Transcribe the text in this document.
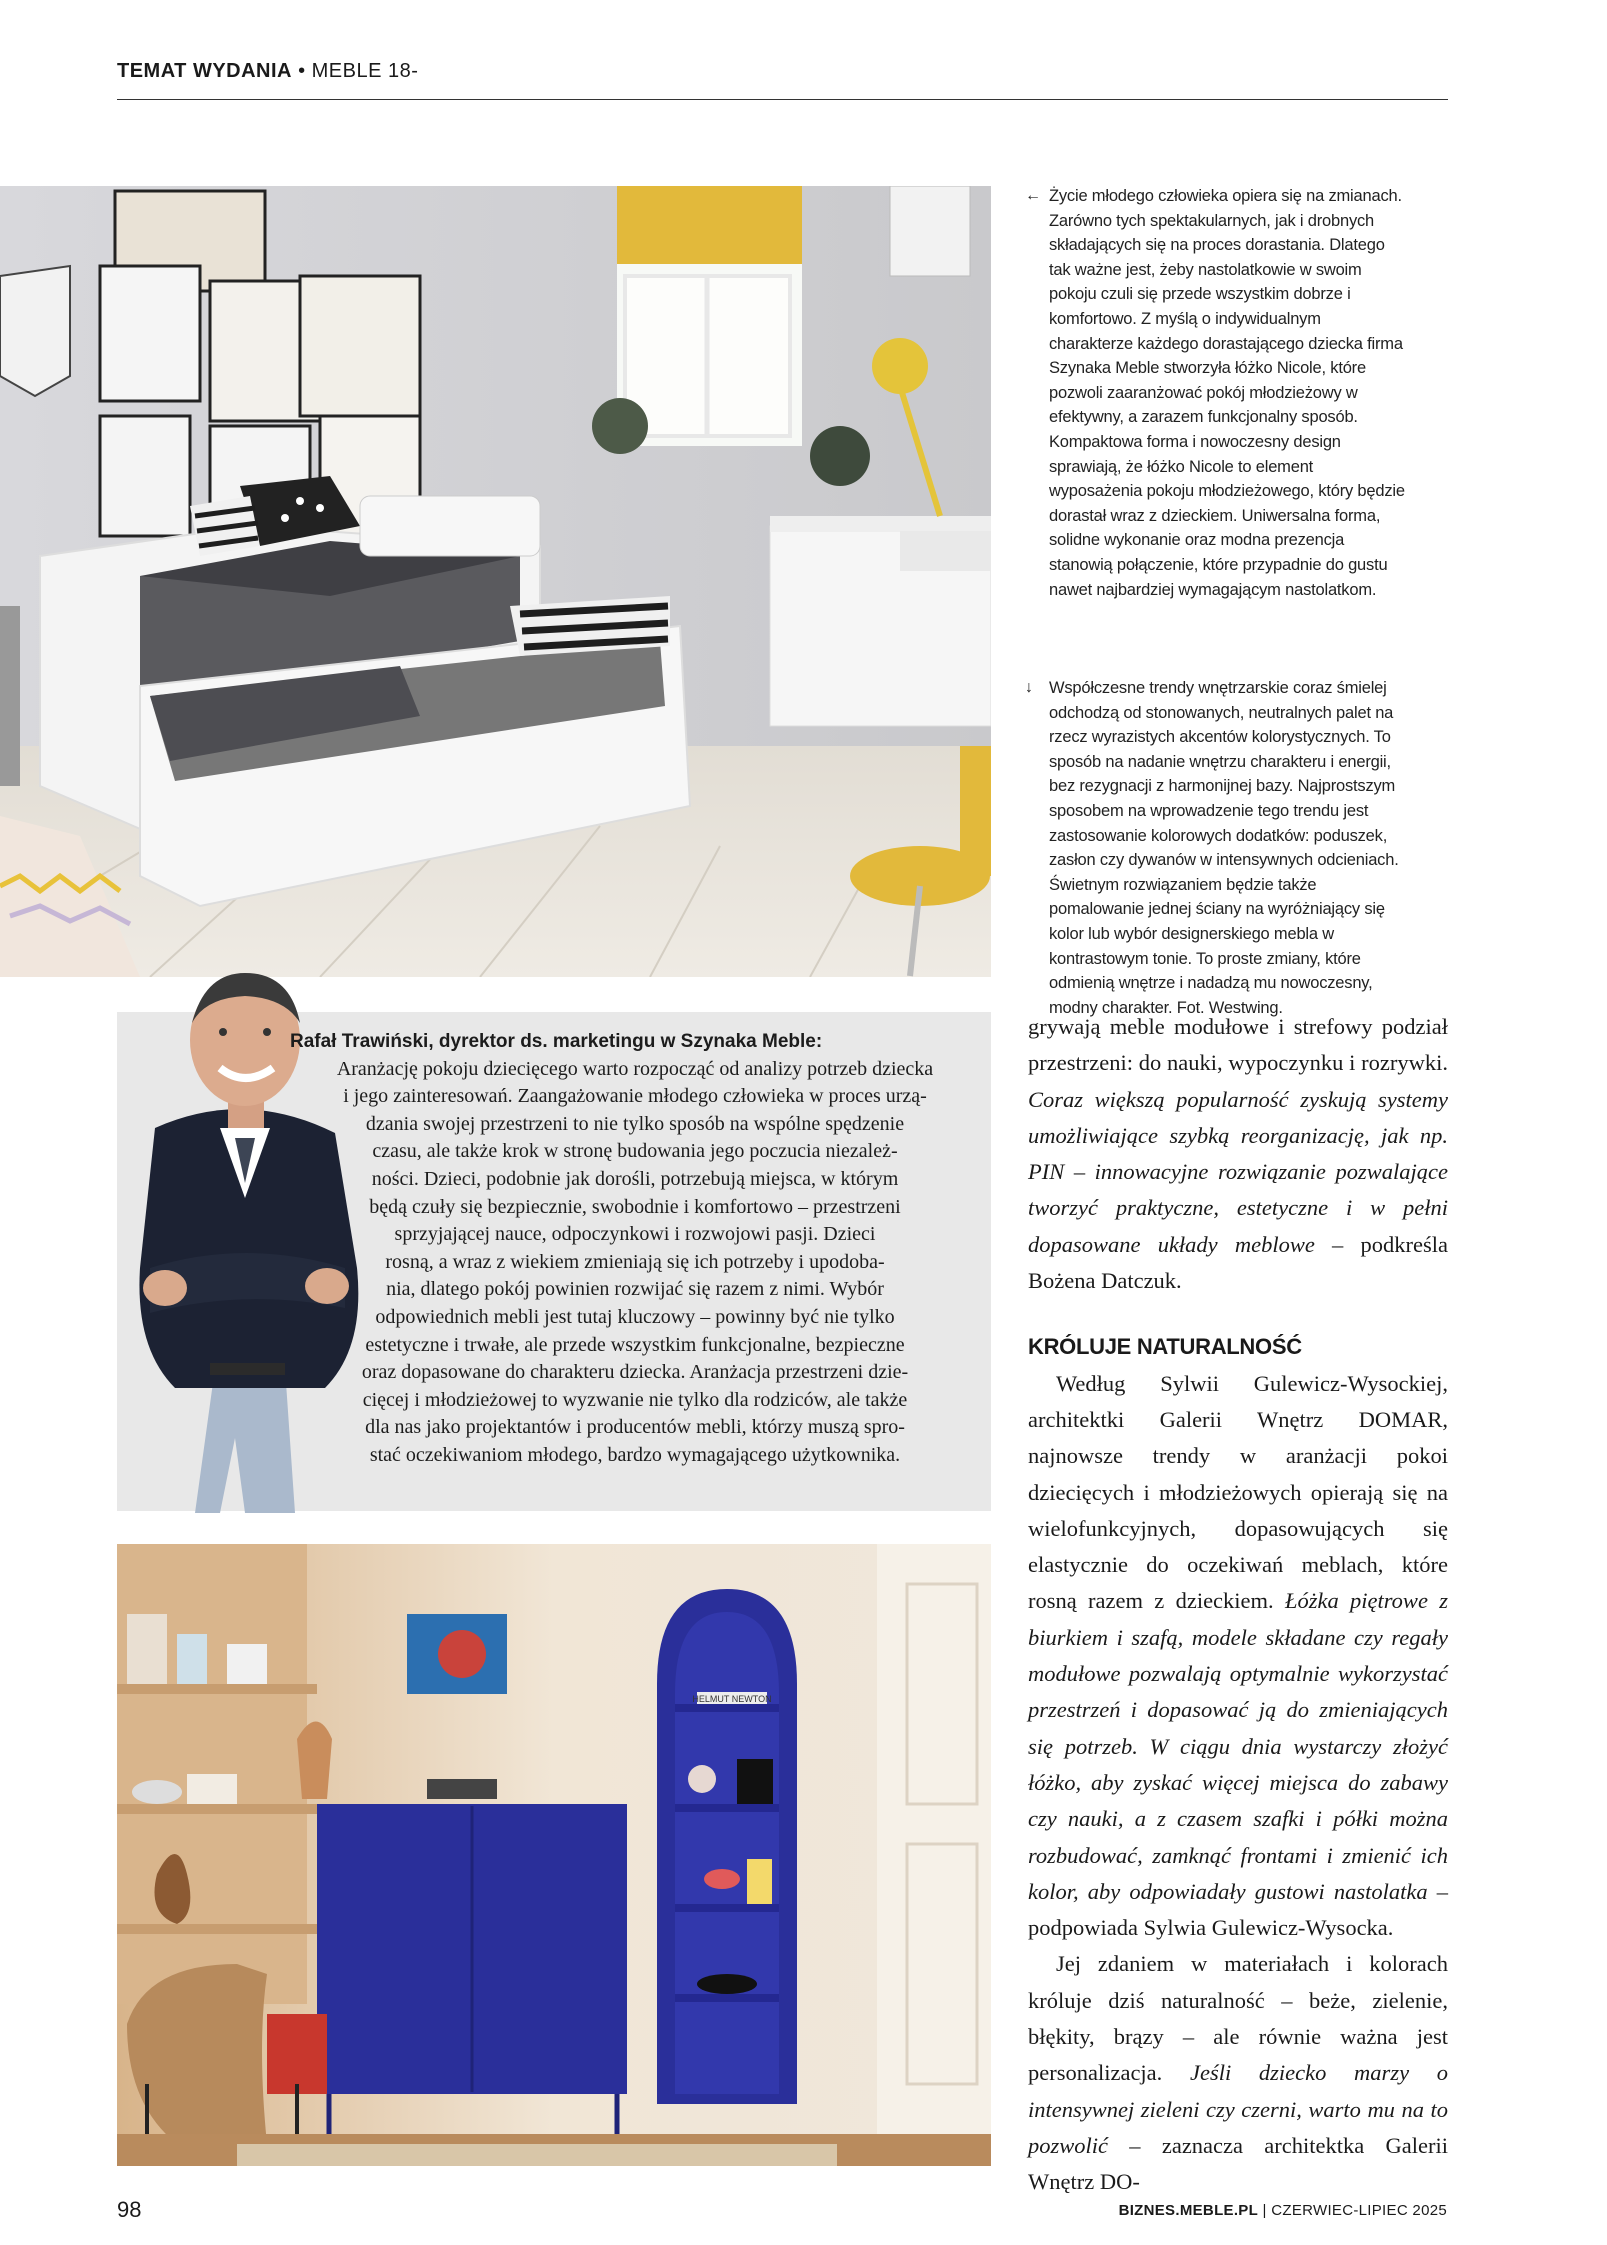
TEMAT WYDANIA • MEBLE 18-
← Życie młodego człowieka opiera się na zmianach. Zarówno tych spektakularnych, jak i drobnych składających się na proces dorastania. Dlatego tak ważne jest, żeby nastolatkowie w swoim pokoju czuli się przede wszystkim dobrze i komfortowo. Z myślą o indywidualnym charakterze każdego dorastającego dziecka firma Szynaka Meble stworzyła łóżko Nicole, które pozwoli zaaranżować pokój młodzieżowy w efektywny, a zarazem funkcjonalny sposób. Kompaktowa forma i nowoczesny design sprawiają, że łóżko Nicole to element wyposażenia pokoju młodzieżowego, który będzie dorastał wraz z dzieckiem. Uniwersalna forma, solidne wykonanie oraz modna prezencja stanowią połączenie, które przypadnie do gustu nawet najbardziej wymagającym nastolatkom.
↓ Współczesne trendy wnętrzarskie coraz śmielej odchodzą od stonowanych, neutralnych palet na rzecz wyrazistych akcentów kolorystycznych. To sposób na nadanie wnętrzu charakteru i energii, bez rezygnacji z harmonijnej bazy. Najprostszym sposobem na wprowadzenie tego trendu jest zastosowanie kolorowych dodatków: poduszek, zasłon czy dywanów w intensywnych odcieniach. Świetnym rozwiązaniem będzie także pomalowanie jednej ściany na wyróżniający się kolor lub wybór designerskiego mebla w kontrastowym tonie. To proste zmiany, które odmienią wnętrze i nadadzą mu nowoczesny, modny charakter. Fot. Westwing.
Rafał Trawiński, dyrektor ds. marketingu w Szynaka Meble:
Aranżację pokoju dziecięcego warto rozpocząć od analizy potrzeb dziecka
i jego zainteresowań. Zaangażowanie młodego człowieka w proces urzą-
dzania swojej przestrzeni to nie tylko sposób na wspólne spędzenie
czasu, ale także krok w stronę budowania jego poczucia niezależ-
ności. Dzieci, podobnie jak dorośli, potrzebują miejsca, w którym
będą czuły się bezpiecznie, swobodnie i komfortowo – przestrzeni
sprzyjającej nauce, odpoczynkowi i rozwojowi pasji. Dzieci
rosną, a wraz z wiekiem zmieniają się ich potrzeby i upodoba-
nia, dlatego pokój powinien rozwijać się razem z nimi. Wybór
odpowiednich mebli jest tutaj kluczowy – powinny być nie tylko
estetyczne i trwałe, ale przede wszystkim funkcjonalne, bezpieczne
oraz dopasowane do charakteru dziecka. Aranżacja przestrzeni dzie-
cięcej i młodzieżowej to wyzwanie nie tylko dla rodziców, ale także
dla nas jako projektantów i producentów mebli, którzy muszą spro-
stać oczekiwaniom młodego, bardzo wymagającego użytkownika.
HELMUT NEWTON

grywają meble modułowe i strefowy podział przestrzeni: do nauki, wypoczynku i rozrywki. Coraz większą popularność zyskują systemy umożliwiające szybką reorganizację, jak np. PIN – innowacyjne rozwiązanie pozwalające tworzyć praktyczne, estetyczne i w pełni dopasowane układy meblowe – podkreśla Bożena Datczuk.

KRÓLUJE NATURALNOŚĆ

Według Sylwii Gulewicz-Wysockiej, architektki Galerii Wnętrz DOMAR, najnowsze trendy w aranżacji pokoi dziecięcych i młodzieżowych opierają się na wielofunkcyjnych, dopasowujących się elastycznie do oczekiwań meblach, które rosną razem z dzieckiem. Łóżka piętrowe z biurkiem i szafą, modele składane czy regały modułowe pozwalają optymalnie wykorzystać przestrzeń i dopasować ją do zmieniających się potrzeb. W ciągu dnia wystarczy złożyć łóżko, aby zyskać więcej miejsca do zabawy czy nauki, a z czasem szafki i półki można rozbudować, zamknąć frontami i zmienić ich kolor, aby odpowiadały gustowi nastolatka – podpowiada Sylwia Gulewicz-Wysocka.

Jej zdaniem w materiałach i kolorach króluje dziś naturalność – beże, zielenie, błękity, brązy – ale równie ważna jest personalizacja. Jeśli dziecko marzy o intensywnej zieleni czy czerni, warto mu na to pozwolić – zaznacza architektka Galerii Wnętrz DO-

98	BIZNES.MEBLE.PL | CZERWIEC-LIPIEC 2025
